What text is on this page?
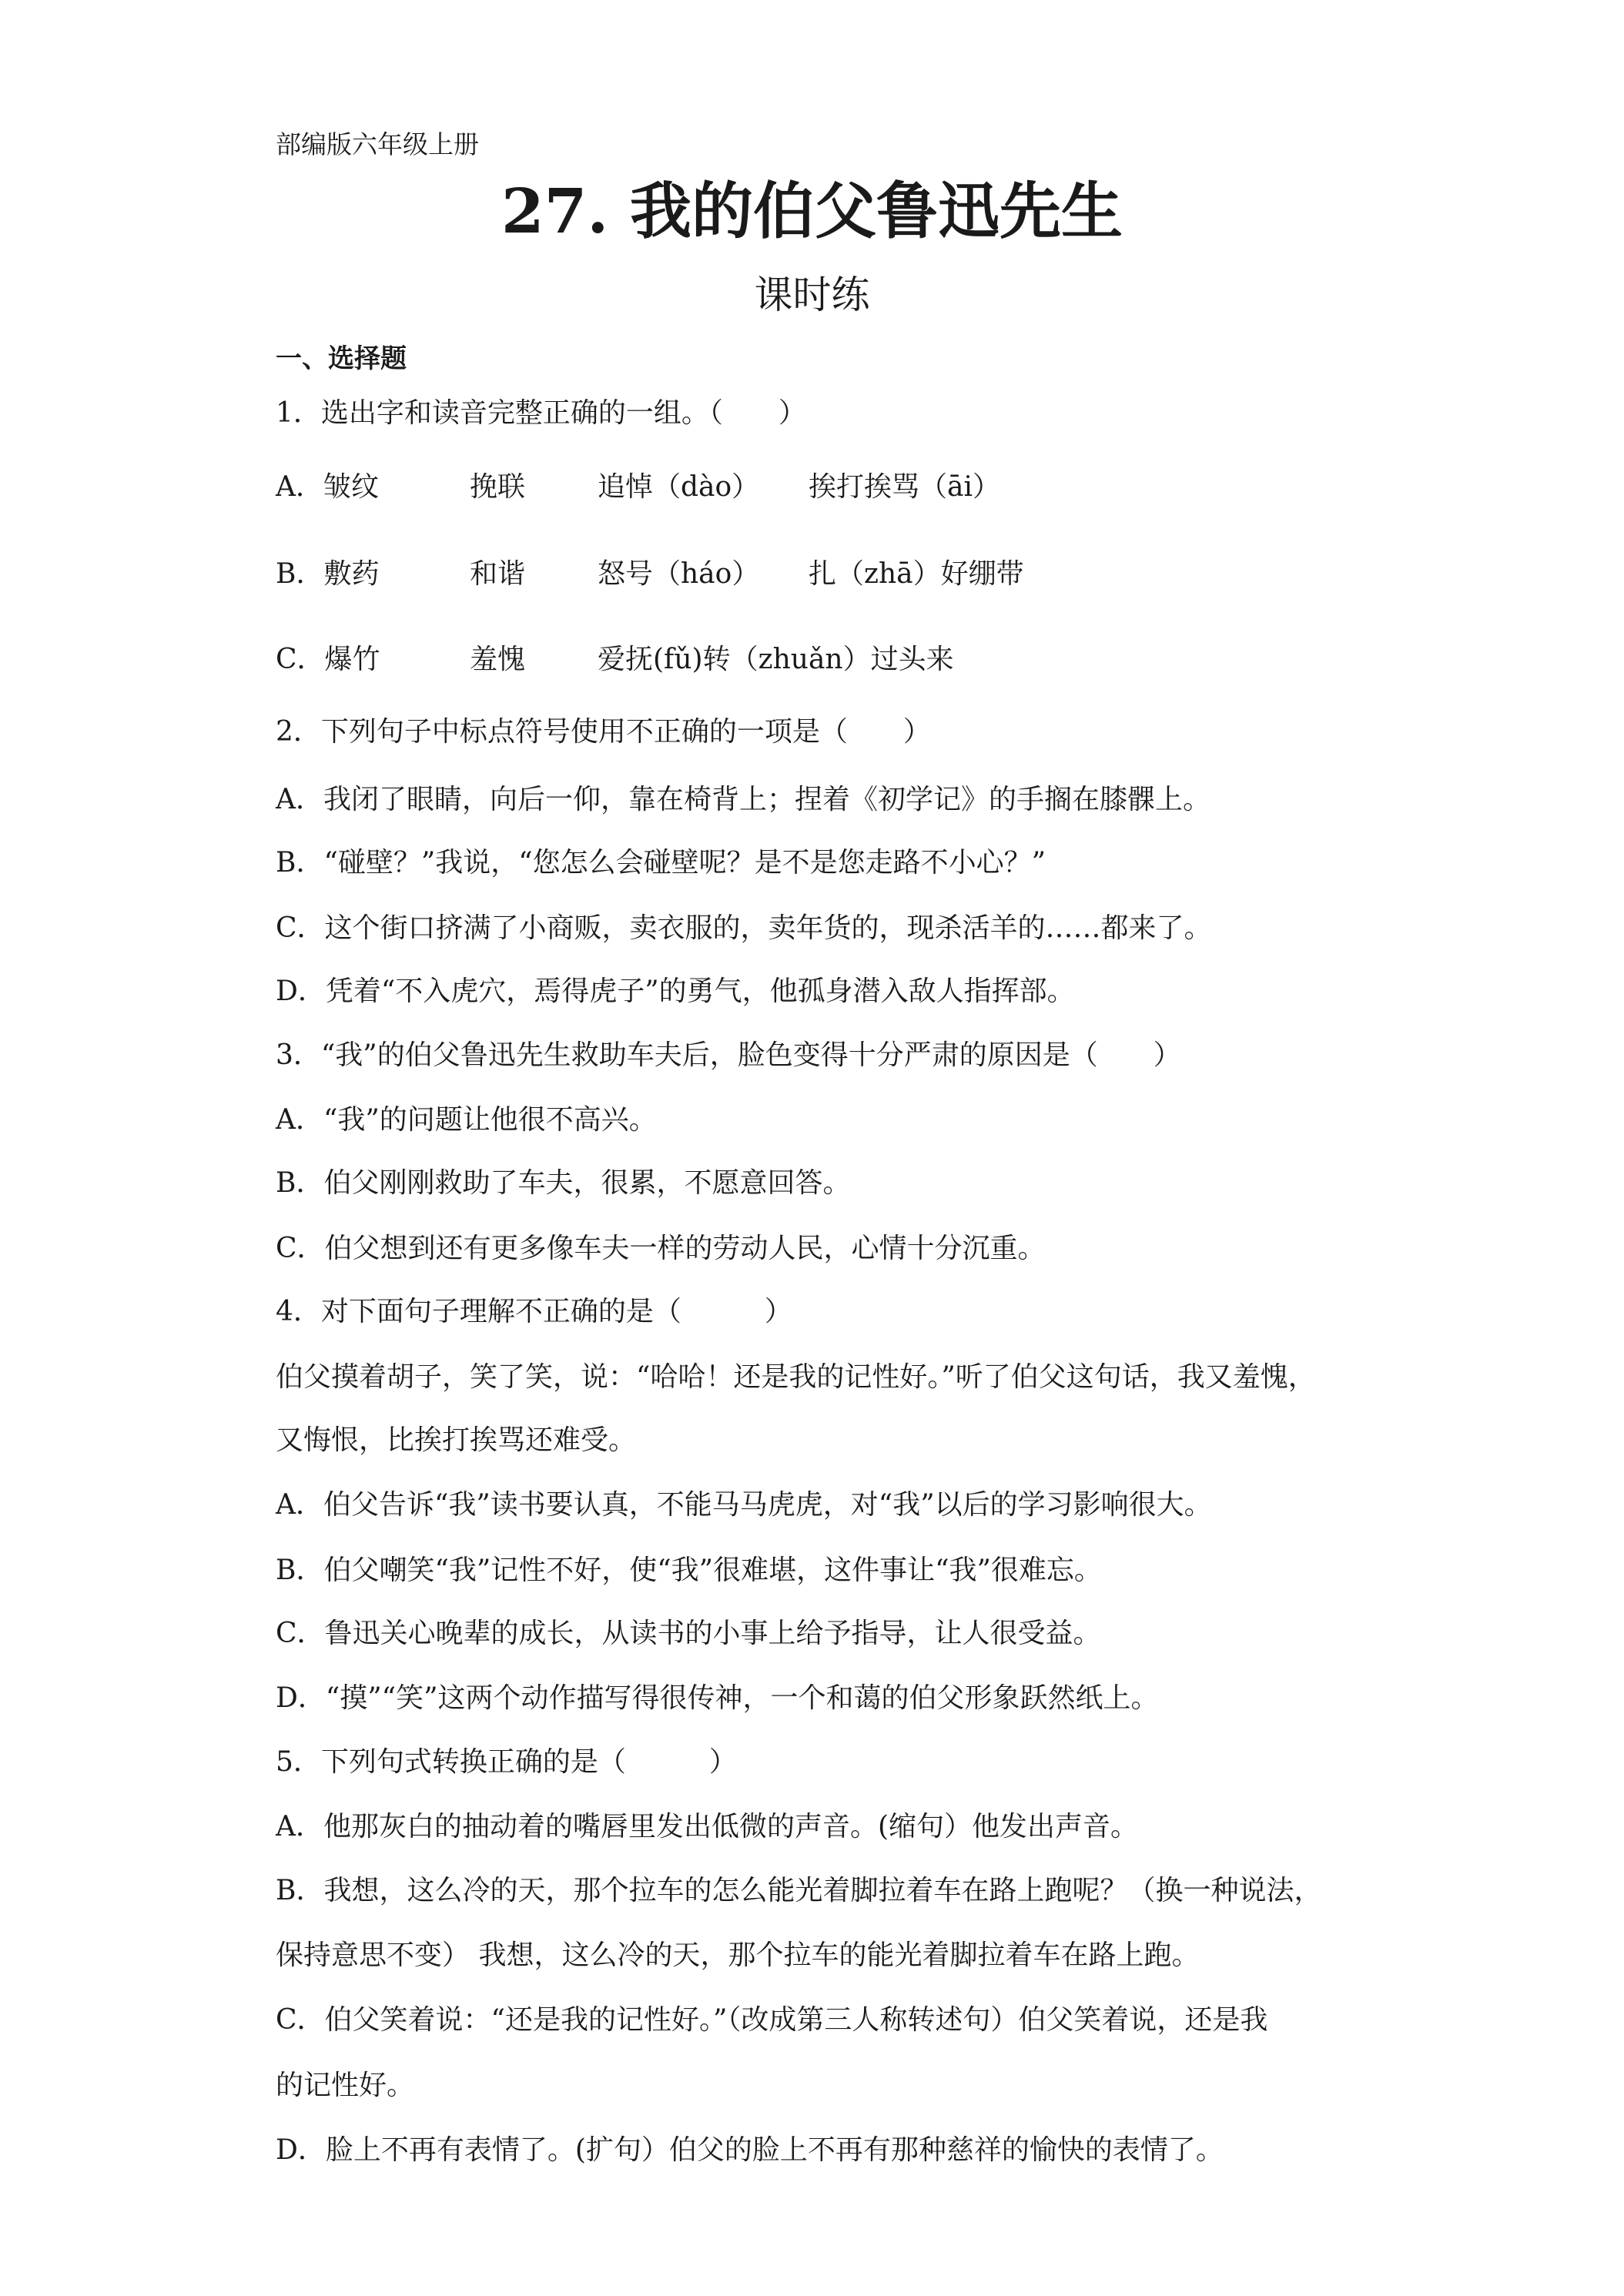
部编版六年级上册
27. 我的伯父鲁迅先生
课时练
一、选择题
1．选出字和读音完整正确的一组。（　　）
A．皱纹	挽联	追悼（dào） 挨打挨骂（āi）
B．敷药	和谐	怒号（háo） 扎（zhā）好绷带
C．爆竹	羞愧	爱抚(fǔ)转（zhuǎn）过头来
2．下列句子中标点符号使用不正确的一项是（　　）
A．我闭了眼睛，向后一仰，靠在椅背上；捏着《初学记》的手搁在膝髁上。
B．“碰壁？”我说，“您怎么会碰壁呢？是不是您走路不小心？”
C．这个街口挤满了小商贩，卖衣服的，卖年货的，现杀活羊的……都来了。
D．凭着“不入虎穴，焉得虎子”的勇气，他孤身潜入敌人指挥部。
3．“我”的伯父鲁迅先生救助车夫后，脸色变得十分严肃的原因是（　　）
A．“我”的问题让他很不高兴。
B．伯父刚刚救助了车夫，很累，不愿意回答。
C．伯父想到还有更多像车夫一样的劳动人民，心情十分沉重。
4．对下面句子理解不正确的是（　　　）
伯父摸着胡子，笑了笑，说：“哈哈！还是我的记性好。”听了伯父这句话，我又羞愧，
又悔恨，比挨打挨骂还难受。
A．伯父告诉“我”读书要认真，不能马马虎虎，对“我”以后的学习影响很大。
B．伯父嘲笑“我”记性不好，使“我”很难堪，这件事让“我”很难忘。
C．鲁迅关心晚辈的成长，从读书的小事上给予指导，让人很受益。
D．“摸”“笑”这两个动作描写得很传神，一个和蔼的伯父形象跃然纸上。
5．下列句式转换正确的是（　　　）
A．他那灰白的抽动着的嘴唇里发出低微的声音。(缩句）他发出声音。
B．我想，这么冷的天，那个拉车的怎么能光着脚拉着车在路上跑呢？（换一种说法，
保持意思不变） 我想，这么冷的天，那个拉车的能光着脚拉着车在路上跑。
C．伯父笑着说：“还是我的记性好。”（改成第三人称转述句）伯父笑着说，还是我
的记性好。
D．脸上不再有表情了。(扩句）伯父的脸上不再有那种慈祥的愉快的表情了。
